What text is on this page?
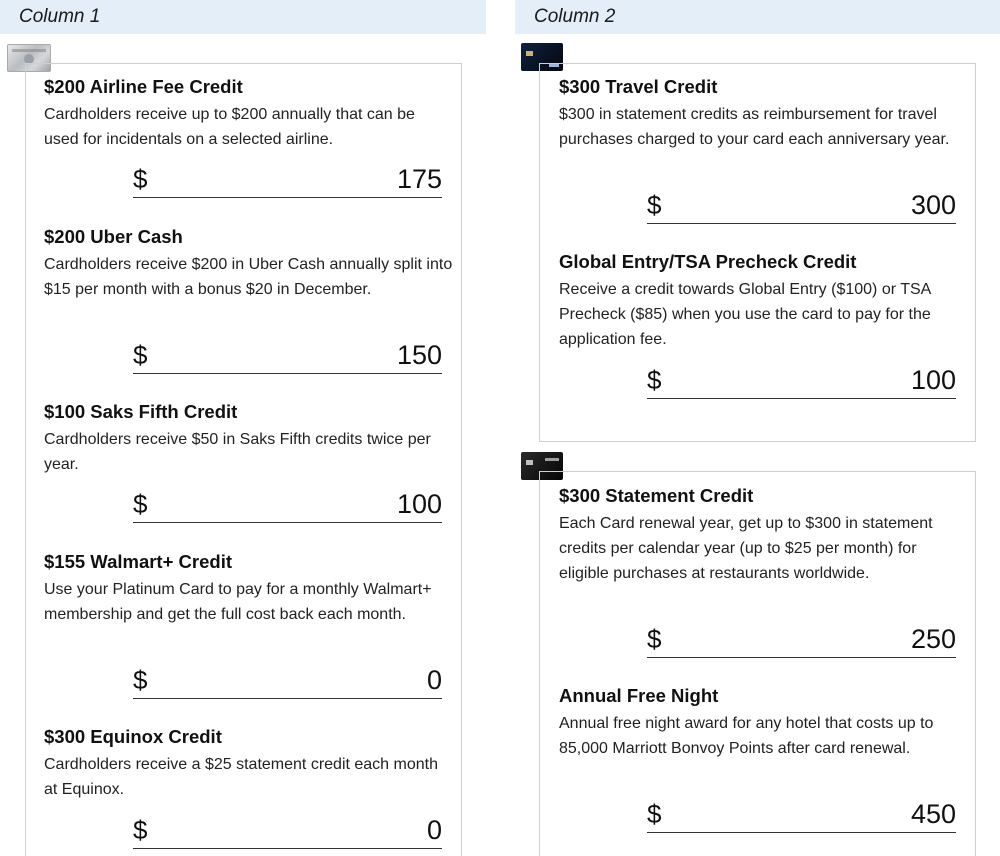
Column 1	Column 2
$200 Airline Fee Credit

Cardholders receive up to $200 annually that can be used for incidentals on a selected airline.

$	175
$200 Uber Cash

Cardholders receive $200 in Uber Cash annually split into $15 per month with a bonus $20 in December.

$	150
$100 Saks Fifth Credit

Cardholders receive $50 in Saks Fifth credits twice per year.

$	100
$155 Walmart+ Credit

Use your Platinum Card to pay for a monthly Walmart+ membership and get the full cost back each month.

$	0
$300 Equinox Credit

Cardholders receive a $25 statement credit each month at Equinox.

$	0
$300 Travel Credit

$300 in statement credits as reimbursement for travel purchases charged to your card each anniversary year.

$	300
Global Entry/TSA Precheck Credit

Receive a credit towards Global Entry ($100) or TSA Precheck ($85) when you use the card to pay for the application fee.

$	100
$300 Statement Credit

Each Card renewal year, get up to $300 in statement credits per calendar year (up to $25 per month) for eligible purchases at restaurants worldwide.

$	250
Annual Free Night

Annual free night award for any hotel that costs up to 85,000 Marriott Bonvoy Points after card renewal.

$	450
